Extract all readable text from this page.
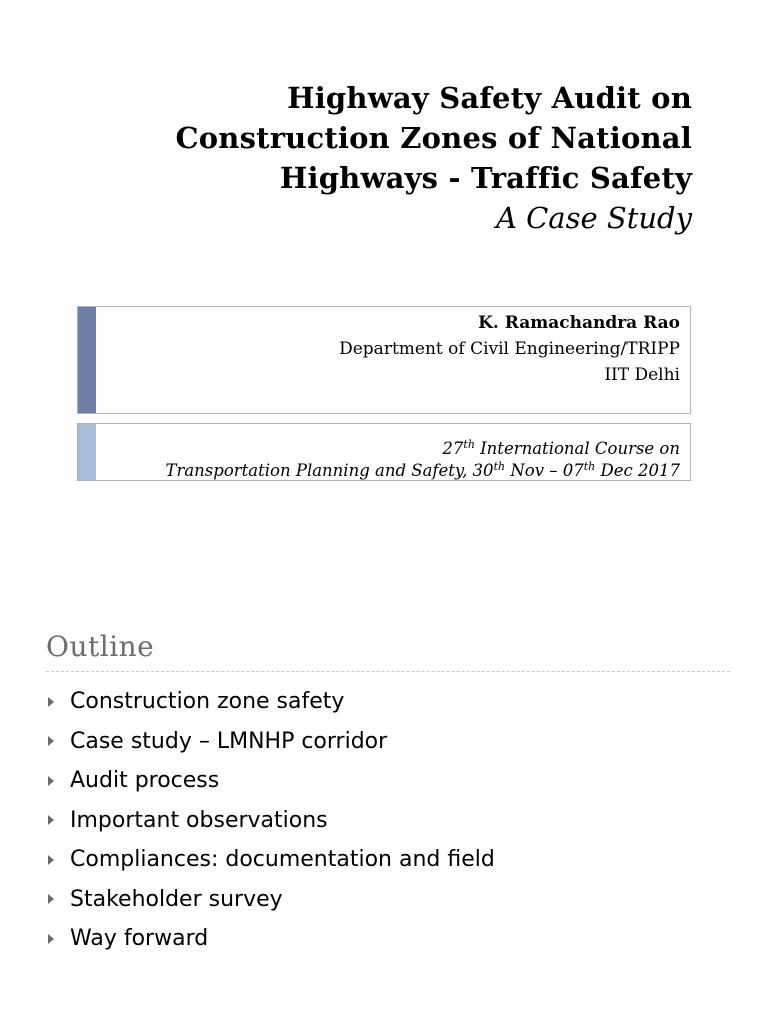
Highway Safety Audit on
Construction Zones of National
Highways - Traffic Safety
A Case Study
K. Ramachandra Rao
Department of Civil Engineering/TRIPP
IIT Delhi
27th International Course on
Transportation Planning and Safety, 30th Nov – 07th Dec 2017
Outline
Construction zone safety
Case study – LMNHP corridor
Audit process
Important observations
Compliances: documentation and field
Stakeholder survey
Way forward
